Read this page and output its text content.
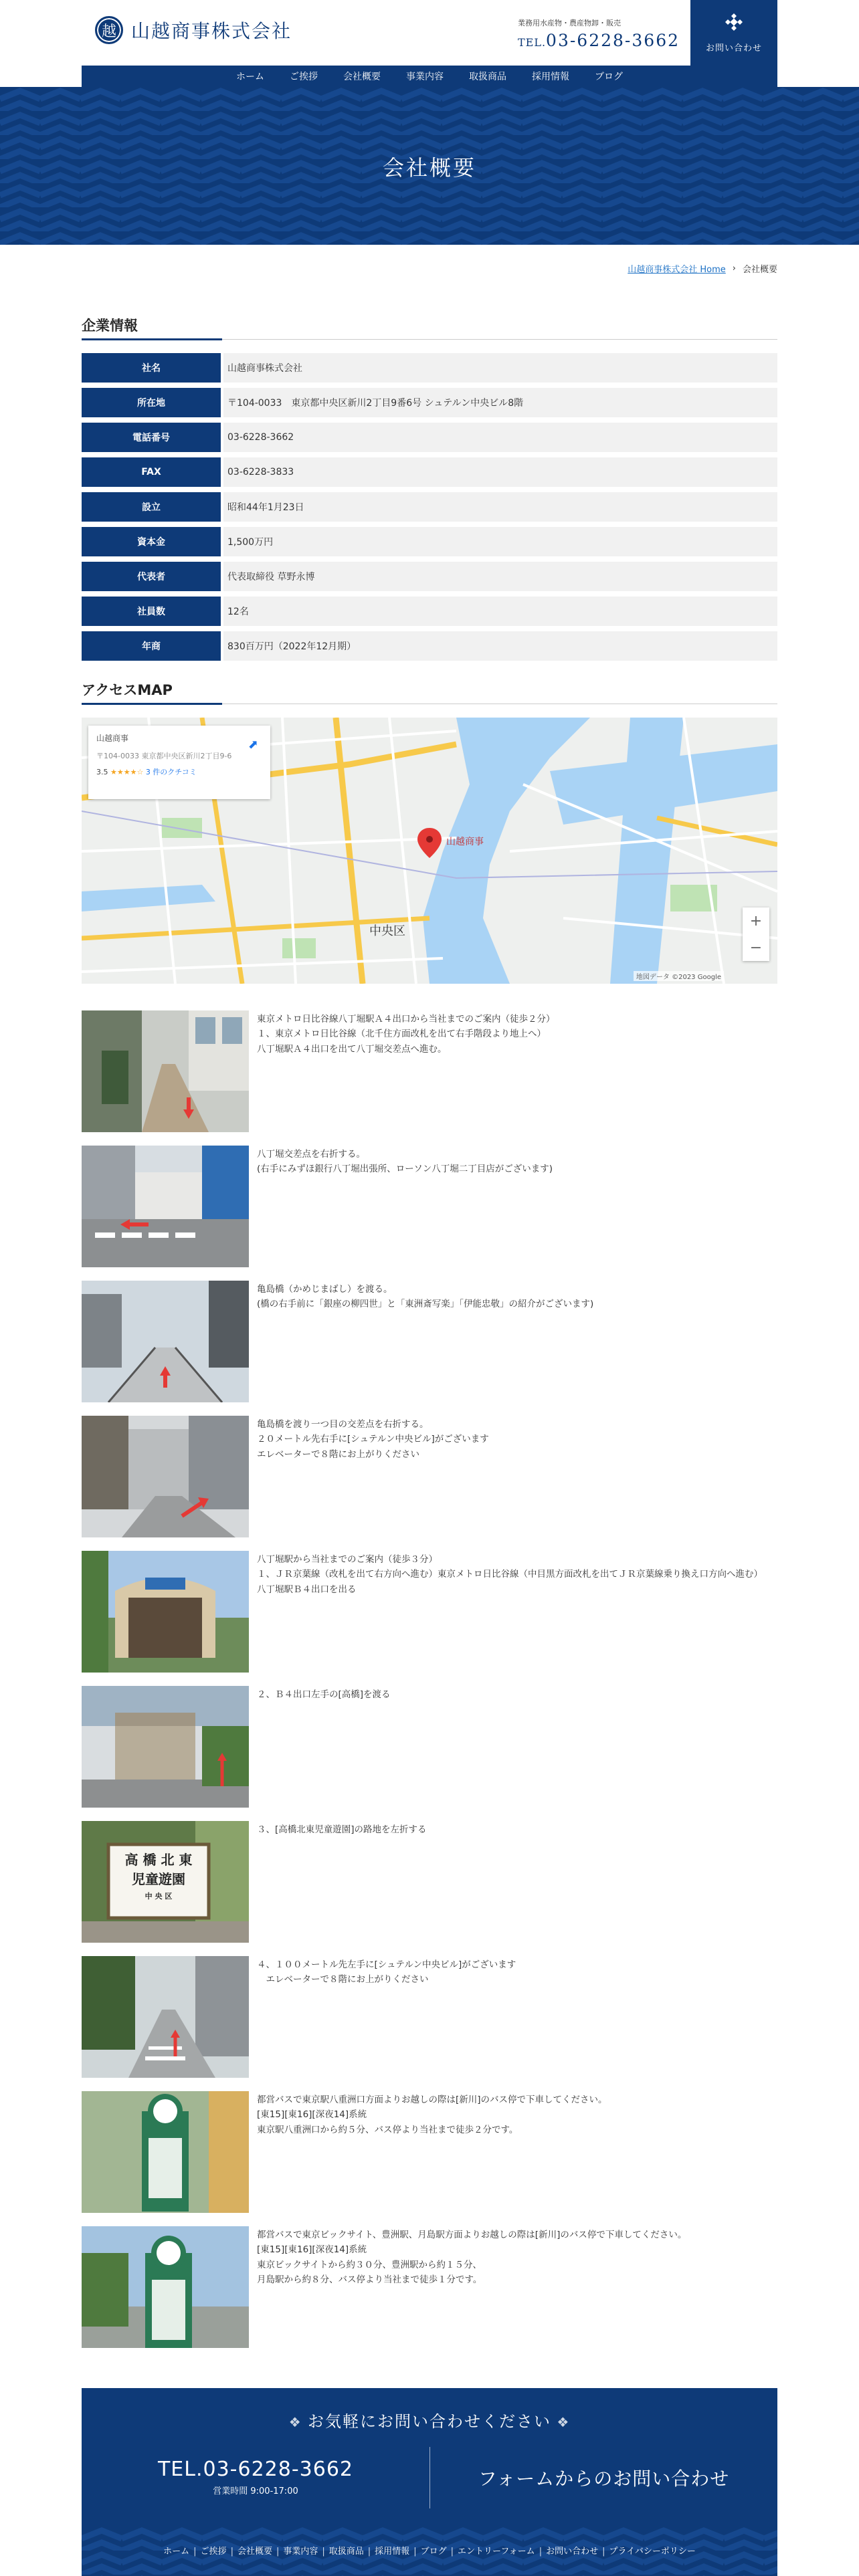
越 山越商事株式会社	業務用水産物・農産物卸・販売
TEL.03-6228-3662	お問い合わせ
ホーム	ご挨拶	会社概要	事業内容	取扱商品	採用情報	ブログ
会社概要
山越商事株式会社 Home › 会社概要
企業情報
社名	山越商事株式会社
所在地	〒104-0033　東京都中央区新川2丁目9番6号 シュテルン中央ビル8階
電話番号	03-6228-3662
FAX	03-6228-3833
設立	昭和44年1月23日
資本金	1,500万円
代表者	代表取締役 草野永博
社員数	12名
年商	830百万円（2022年12月期）
アクセスMAP
山越商事
中央区
山越商事
〒104-0033 東京都中央区新川2丁目9-6
3.5 ★★★★☆ 3 件のクチコミ
⬈
+
−
地図データ ©2023 Google

東京メトロ日比谷線八丁堀駅Ａ４出口から当社までのご案内（徒歩２分）
１、東京メトロ日比谷線（北千住方面改札を出て右手階段より地上へ）
八丁堀駅Ａ４出口を出て八丁堀交差点へ進む。

八丁堀交差点を右折する。
(右手にみずほ銀行八丁堀出張所、ローソン八丁堀二丁目店がございます)

亀島橋（かめじまばし）を渡る。
(橋の右手前に「銀座の柳四世」と「東洲斎写楽」「伊能忠敬」の紹介がございます)

亀島橋を渡り一つ目の交差点を右折する。
２０メートル先右手に[シュテルン中央ビル]がございます
エレベーターで８階にお上がりください

八丁堀駅から当社までのご案内（徒歩３分）
１、ＪＲ京葉線（改札を出て右方向へ進む）東京メトロ日比谷線（中目黒方面改札を出てＪＲ京葉線乗り換え口方向へ進む）
八丁堀駅Ｂ４出口を出る

２、Ｂ４出口左手の[高橋]を渡る

高 橋 北 東
児童遊園
中 央 区

３、[高橋北東児童遊園]の路地を左折する

４、１００メートル先左手に[シュテルン中央ビル]がございます
　エレベーターで８階にお上がりください

都営バスで東京駅八重洲口方面よりお越しの際は[新川]のバス停で下車してください。
[東15][東16][深夜14]系統
東京駅八重洲口から約５分、バス停より当社まで徒歩２分です。

都営バスで東京ビックサイト、豊洲駅、月島駅方面よりお越しの際は[新川]のバス停で下車してください。
[東15][東16][深夜14]系統
東京ビックサイトから約３０分、豊洲駅から約１５分、
月島駅から約８分、バス停より当社まで徒歩１分です。

❖ お気軽にお問い合わせください ❖
TEL.03-6228-3662
営業時間 9:00-17:00
フォームからのお問い合わせ
ホーム | ご挨拶 | 会社概要 | 事業内容 | 取扱商品 | 採用情報 | ブログ | エントリーフォーム | お問い合わせ | プライバシーポリシー
